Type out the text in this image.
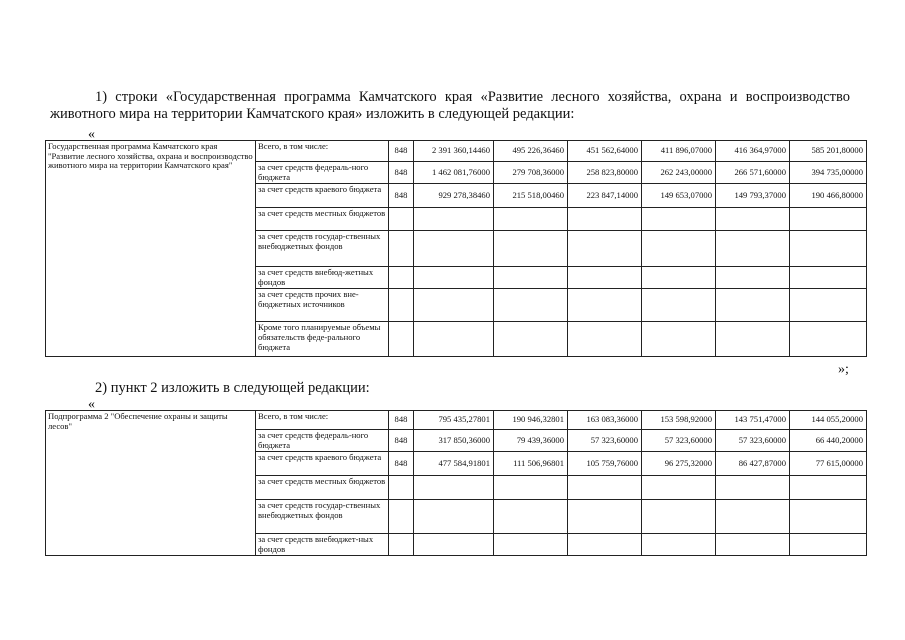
1) строки «Государственная программа Камчатского края «Развитие лесного хозяйства, охрана и воспроизводство
животного мира на территории Камчатского края» изложить в следующей редакции:
«
Государственная программа Камчатского края "Развитие лесного хозяйства, охрана и воспроизводство животного мира на территории Камчатского края"	Всего, в том числе:	848	2 391 360,14460	495 226,36460	451 562,64000	411 896,07000	416 364,97000	585 201,80000
	за счет средств федераль-ного бюджета	848	1 462 081,76000	279 708,36000	258 823,80000	262 243,00000	266 571,60000	394 735,00000
	за счет средств краевого бюджета	848	929 278,38460	215 518,00460	223 847,14000	149 653,07000	149 793,37000	190 466,80000
	за счет средств местных бюджетов							
	за счет средств государ-ственных внебюджетных фондов							
	за счет средств внебюд-жетных фондов							
	за счет средств прочих вне-бюджетных источников							
	Кроме того планируемые объемы обязательств феде-рального бюджета							
»;
2) пункт 2 изложить в следующей редакции:
«
Подпрограмма 2 "Обеспечение охраны и защиты лесов"	Всего, в том числе:	848	795 435,27801	190 946,32801	163 083,36000	153 598,92000	143 751,47000	144 055,20000
	за счет средств федераль-ного бюджета	848	317 850,36000	79 439,36000	57 323,60000	57 323,60000	57 323,60000	66 440,20000
	за счет средств краевого бюджета	848	477 584,91801	111 506,96801	105 759,76000	96 275,32000	86 427,87000	77 615,00000
	за счет средств местных бюджетов							
	за счет средств государ-ственных внебюджетных фондов							
	за счет средств внебюджет-ных фондов							
